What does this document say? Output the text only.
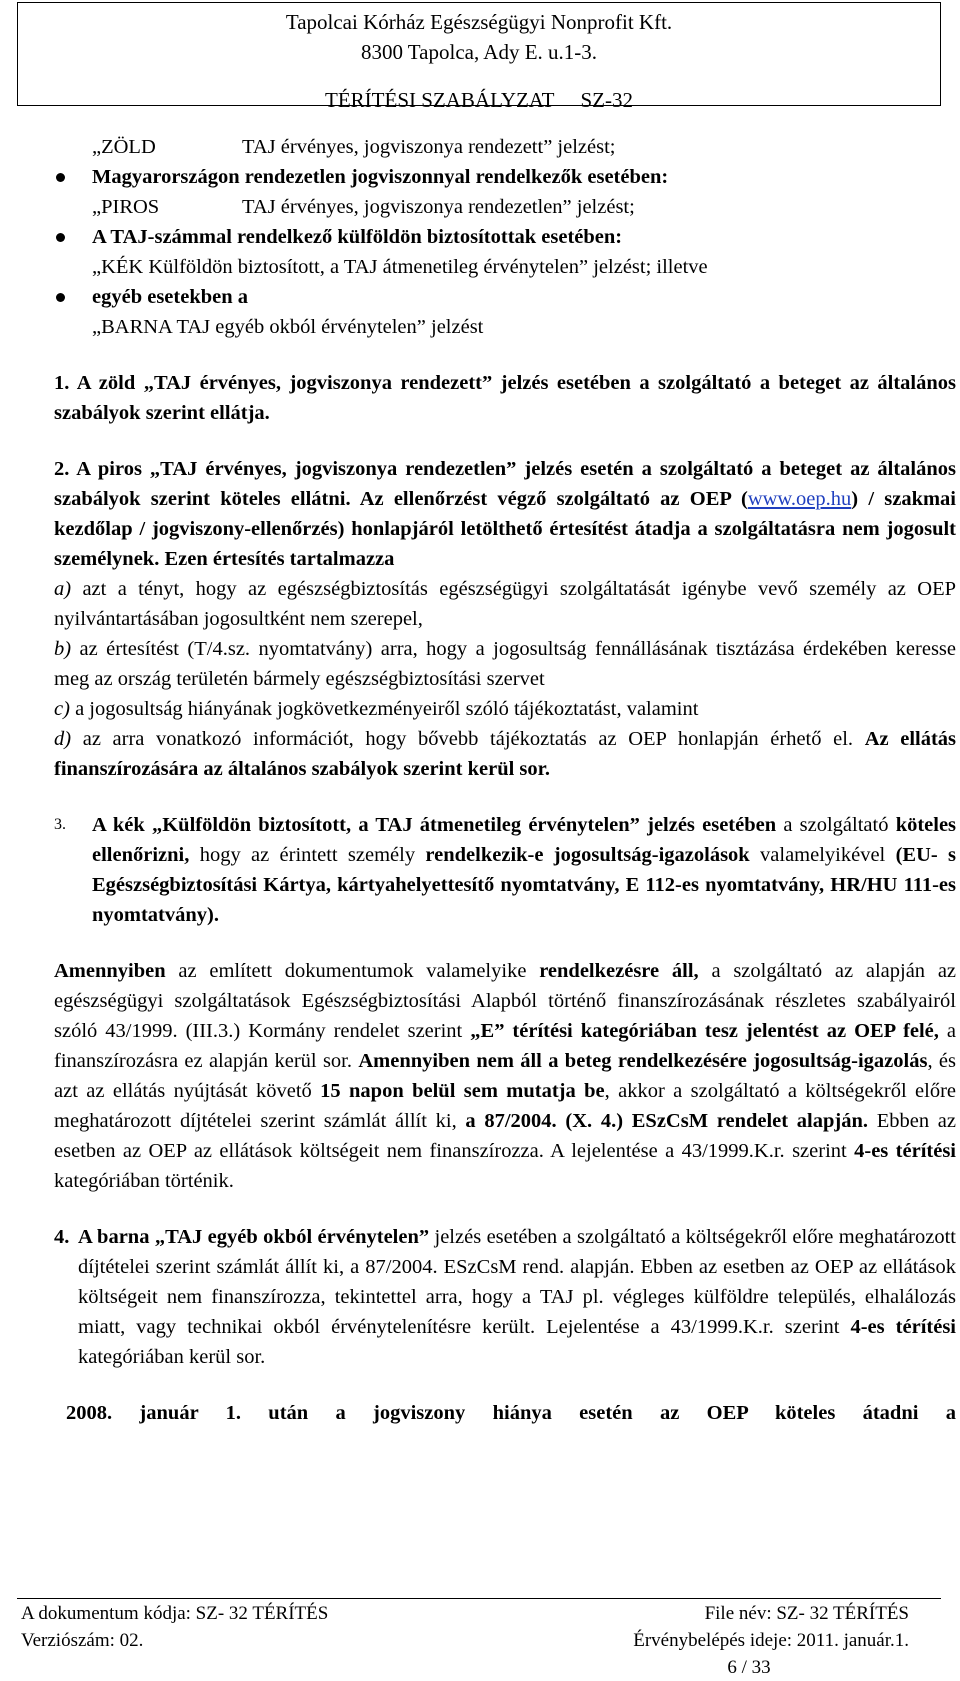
Tapolcai Kórház Egészségügyi Nonprofit Kft.
8300 Tapolca, Ady E. u.1-3.
TÉRÍTÉSI SZABÁLYZAT SZ-32
„ZÖLD	TAJ érvényes, jogviszonya rendezett” jelzést;
Magyarországon rendezetlen jogviszonnyal rendelkezők esetében:
„PIROS	TAJ érvényes, jogviszonya rendezetlen” jelzést;
A TAJ-számmal rendelkező külföldön biztosítottak esetében:
„KÉK Külföldön biztosított, a TAJ átmenetileg érvénytelen” jelzést; illetve
egyéb esetekben a
„BARNA TAJ egyéb okból érvénytelen” jelzést

1. A zöld „TAJ érvényes, jogviszonya rendezett” jelzés esetében a szolgáltató a beteget az általános szabályok szerint ellátja.

2. A piros „TAJ érvényes, jogviszonya rendezetlen” jelzés esetén a szolgáltató a beteget az általános szabályok szerint köteles ellátni. Az ellenőrzést végző szolgáltató az OEP (www.oep.hu) / szakmai kezdőlap / jogviszony-ellenőrzés) honlapjáról letölthető értesítést átadja a szolgáltatásra nem jogosult személynek. Ezen értesítés tartalmazza
a) azt a tényt, hogy az egészségbiztosítás egészségügyi szolgáltatását igénybe vevő személy az OEP nyilvántartásában jogosultként nem szerepel,
b) az értesítést (T/4.sz. nyomtatvány) arra, hogy a jogosultság fennállásának tisztázása érdekében keresse meg az ország területén bármely egészségbiztosítási szervet
c) a jogosultság hiányának jogkövetkezményeiről szóló tájékoztatást, valamint
d) az arra vonatkozó információt, hogy bővebb tájékoztatás az OEP honlapján érhető el. Az ellátás finanszírozására az általános szabályok szerint kerül sor.

3.	A kék „Külföldön biztosított, a TAJ átmenetileg érvénytelen” jelzés esetében a szolgáltató köteles ellenőrizni, hogy az érintett személy rendelkezik-e jogosultság-igazolások valamelyikével (EU- s Egészségbiztosítási Kártya, kártyahelyettesítő nyomtatvány, E 112-es nyomtatvány, HR/HU 111-es nyomtatvány).

Amennyiben az említett dokumentumok valamelyike rendelkezésre áll, a szolgáltató az alapján az egészségügyi szolgáltatások Egészségbiztosítási Alapból történő finanszírozásának részletes szabályairól szóló 43/1999. (III.3.) Kormány rendelet szerint „E” térítési kategóriában tesz jelentést az OEP felé, a finanszírozásra ez alapján kerül sor. Amennyiben nem áll a beteg rendelkezésére jogosultság-igazolás, és azt az ellátás nyújtását követő 15 napon belül sem mutatja be, akkor a szolgáltató a költségekről előre meghatározott díjtételei szerint számlát állít ki, a 87/2004. (X. 4.) ESzCsM rendelet alapján. Ebben az esetben az OEP az ellátások költségeit nem finanszírozza. A lejelentése a 43/1999.K.r. szerint 4-es térítési kategóriában történik.

4. A barna „TAJ egyéb okból érvénytelen” jelzés esetében a szolgáltató a költségekről előre meghatározott díjtételei szerint számlát állít ki, a 87/2004. ESzCsM rend. alapján. Ebben az esetben az OEP az ellátások költségeit nem finanszírozza, tekintettel arra, hogy a TAJ pl. végleges külföldre település, elhalálozás miatt, vagy technikai okból érvénytelenítésre került. Lejelentése a 43/1999.K.r. szerint 4-es térítési kategóriában kerül sor.

2008. január 1. után a jogviszony hiánya esetén az OEP köteles átadni a

A dokumentum kódja: SZ- 32 TÉRÍTÉS	File név: SZ- 32 TÉRÍTÉS
Verziószám: 02.	Érvénybelépés ideje: 2011. január.1.
6 / 33
